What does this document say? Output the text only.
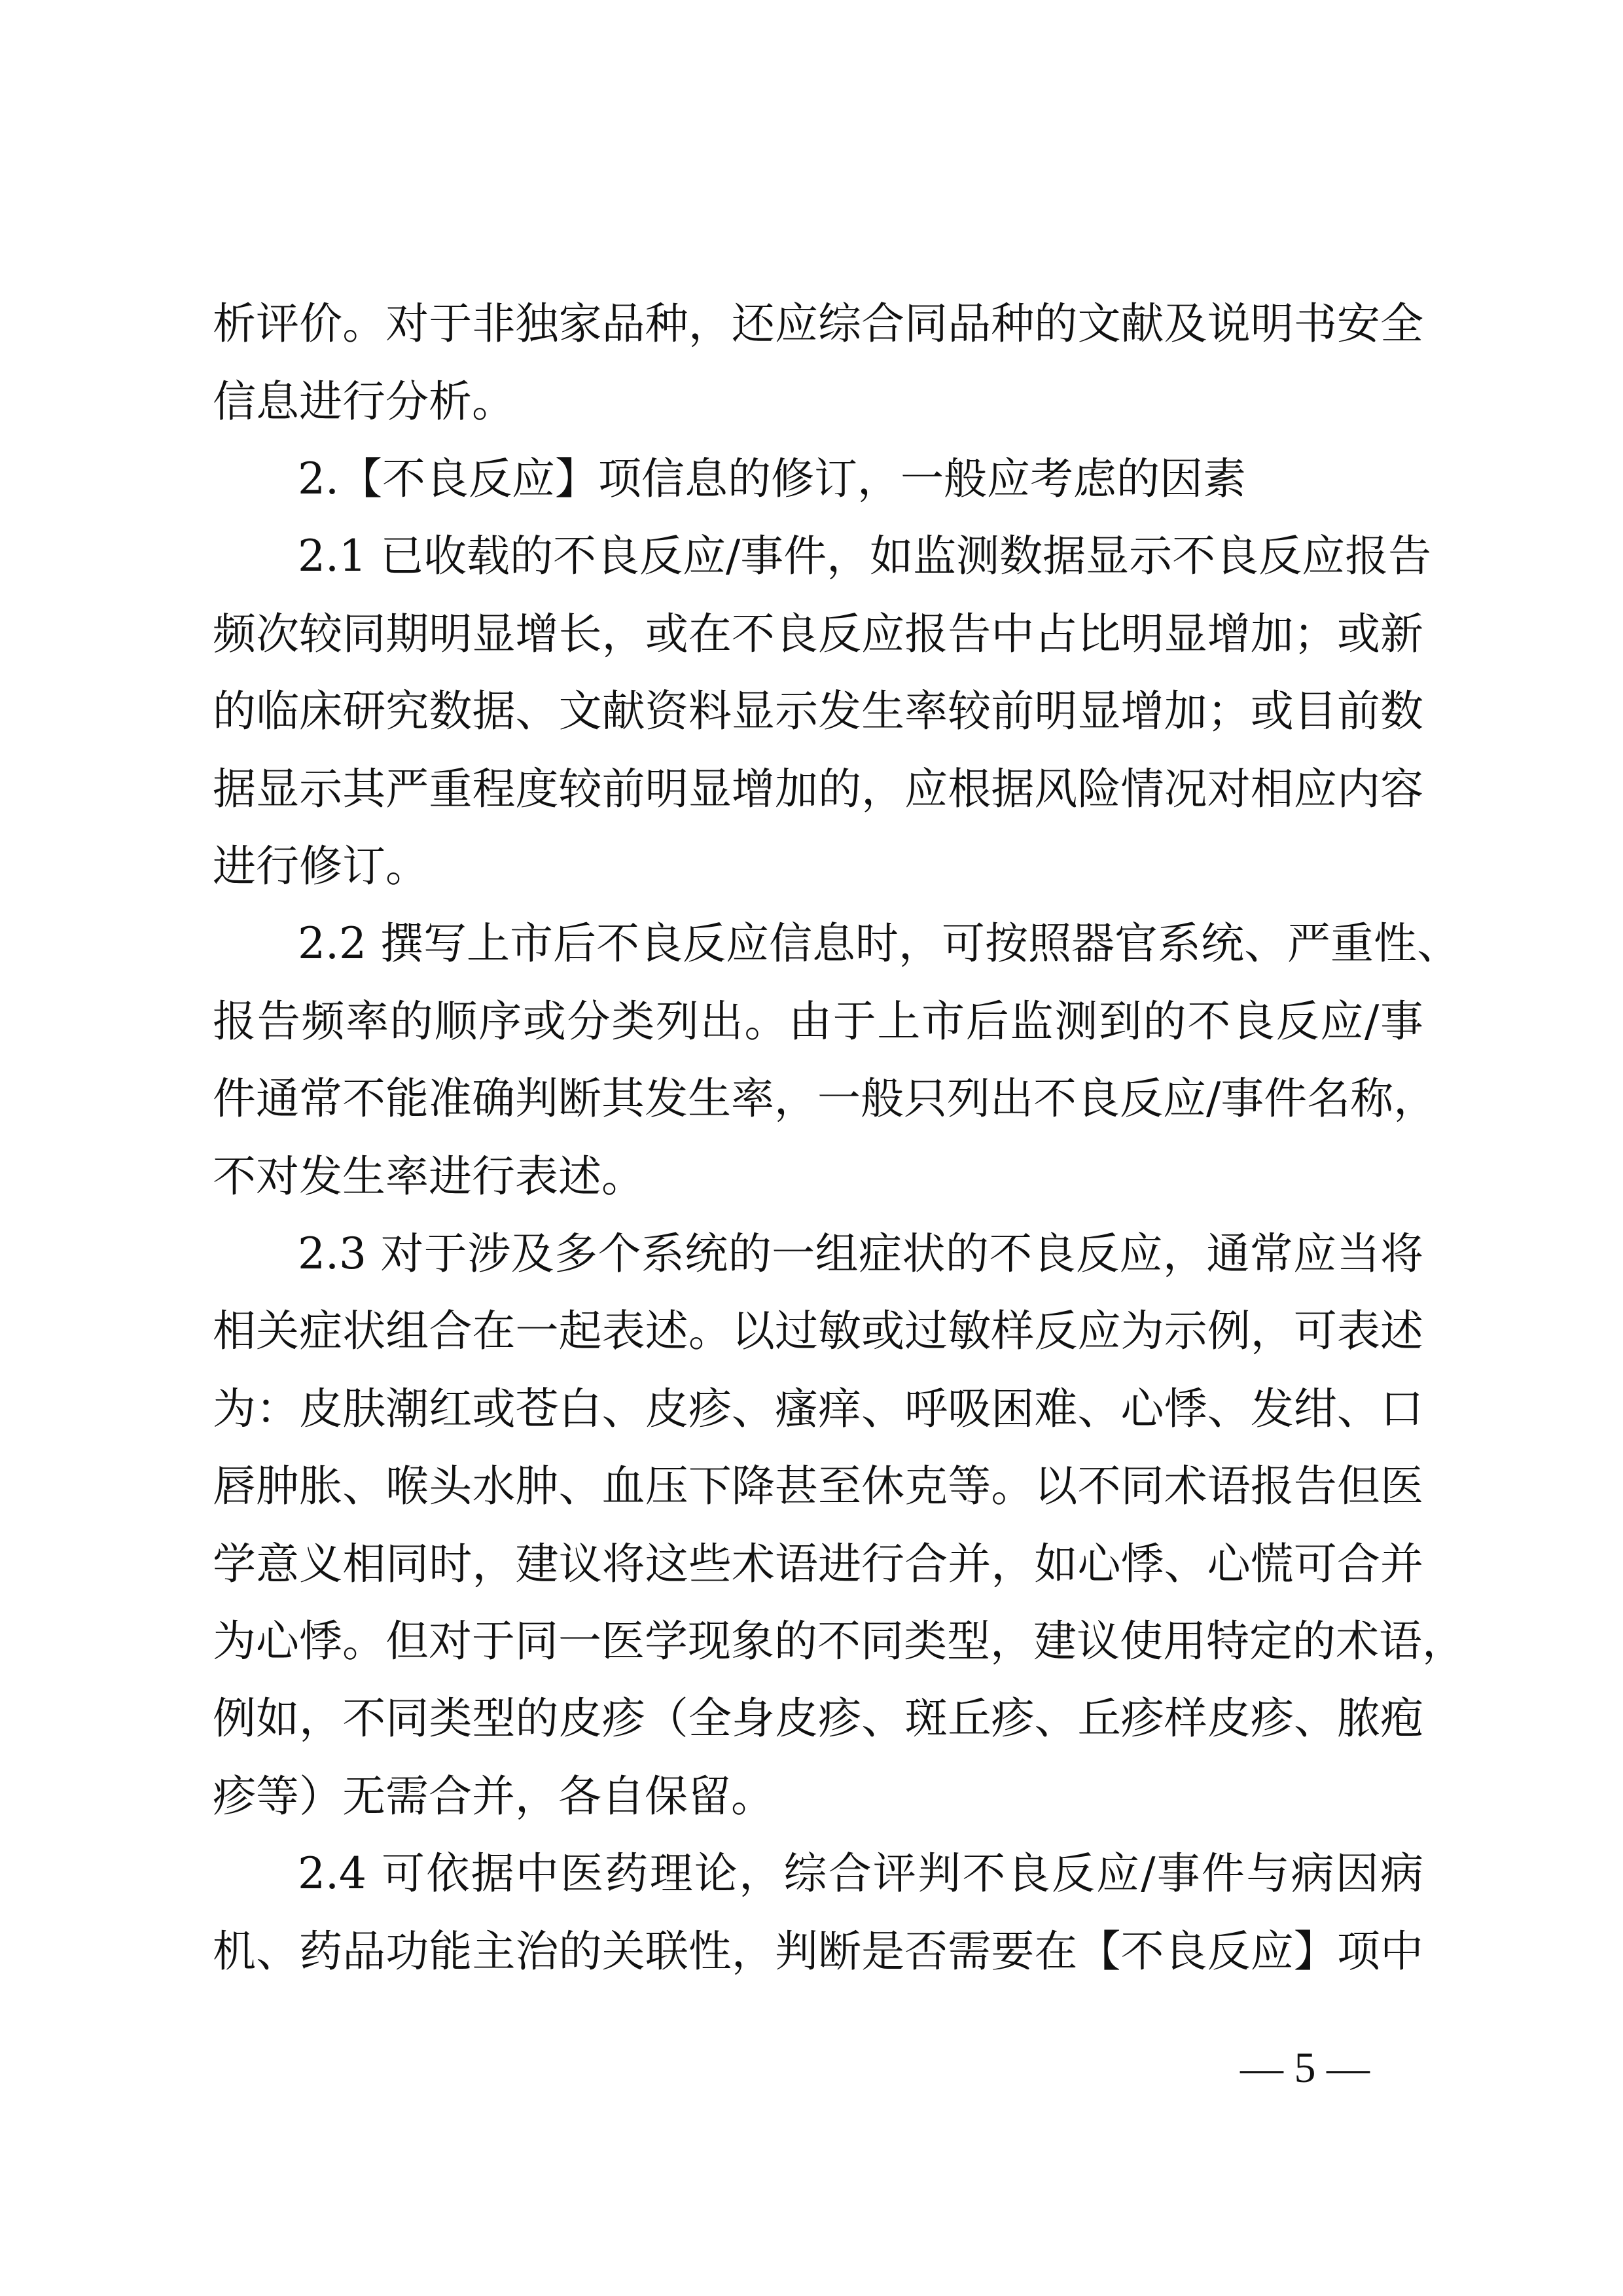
析评价。对于非独家品种，还应综合同品种的文献及说明书安全

信息进行分析。

2.【不良反应】项信息的修订，一般应考虑的因素

2.1 已收载的不良反应/事件，如监测数据显示不良反应报告

频次较同期明显增长，或在不良反应报告中占比明显增加；或新

的临床研究数据、文献资料显示发生率较前明显增加；或目前数

据显示其严重程度较前明显增加的，应根据风险情况对相应内容

进行修订。

2.2 撰写上市后不良反应信息时，可按照器官系统、严重性、

报告频率的顺序或分类列出。由于上市后监测到的不良反应/事

件通常不能准确判断其发生率，一般只列出不良反应/事件名称，

不对发生率进行表述。

2.3 对于涉及多个系统的一组症状的不良反应，通常应当将

相关症状组合在一起表述。以过敏或过敏样反应为示例，可表述

为：皮肤潮红或苍白、皮疹、瘙痒、呼吸困难、心悸、发绀、口

唇肿胀、喉头水肿、血压下降甚至休克等。以不同术语报告但医

学意义相同时，建议将这些术语进行合并，如心悸、心慌可合并

为心悸。但对于同一医学现象的不同类型，建议使用特定的术语，

例如，不同类型的皮疹（全身皮疹、斑丘疹、丘疹样皮疹、脓疱

疹等）无需合并，各自保留。

2.4 可依据中医药理论，综合评判不良反应/事件与病因病

机、药品功能主治的关联性，判断是否需要在【不良反应】项中

— 5 —
